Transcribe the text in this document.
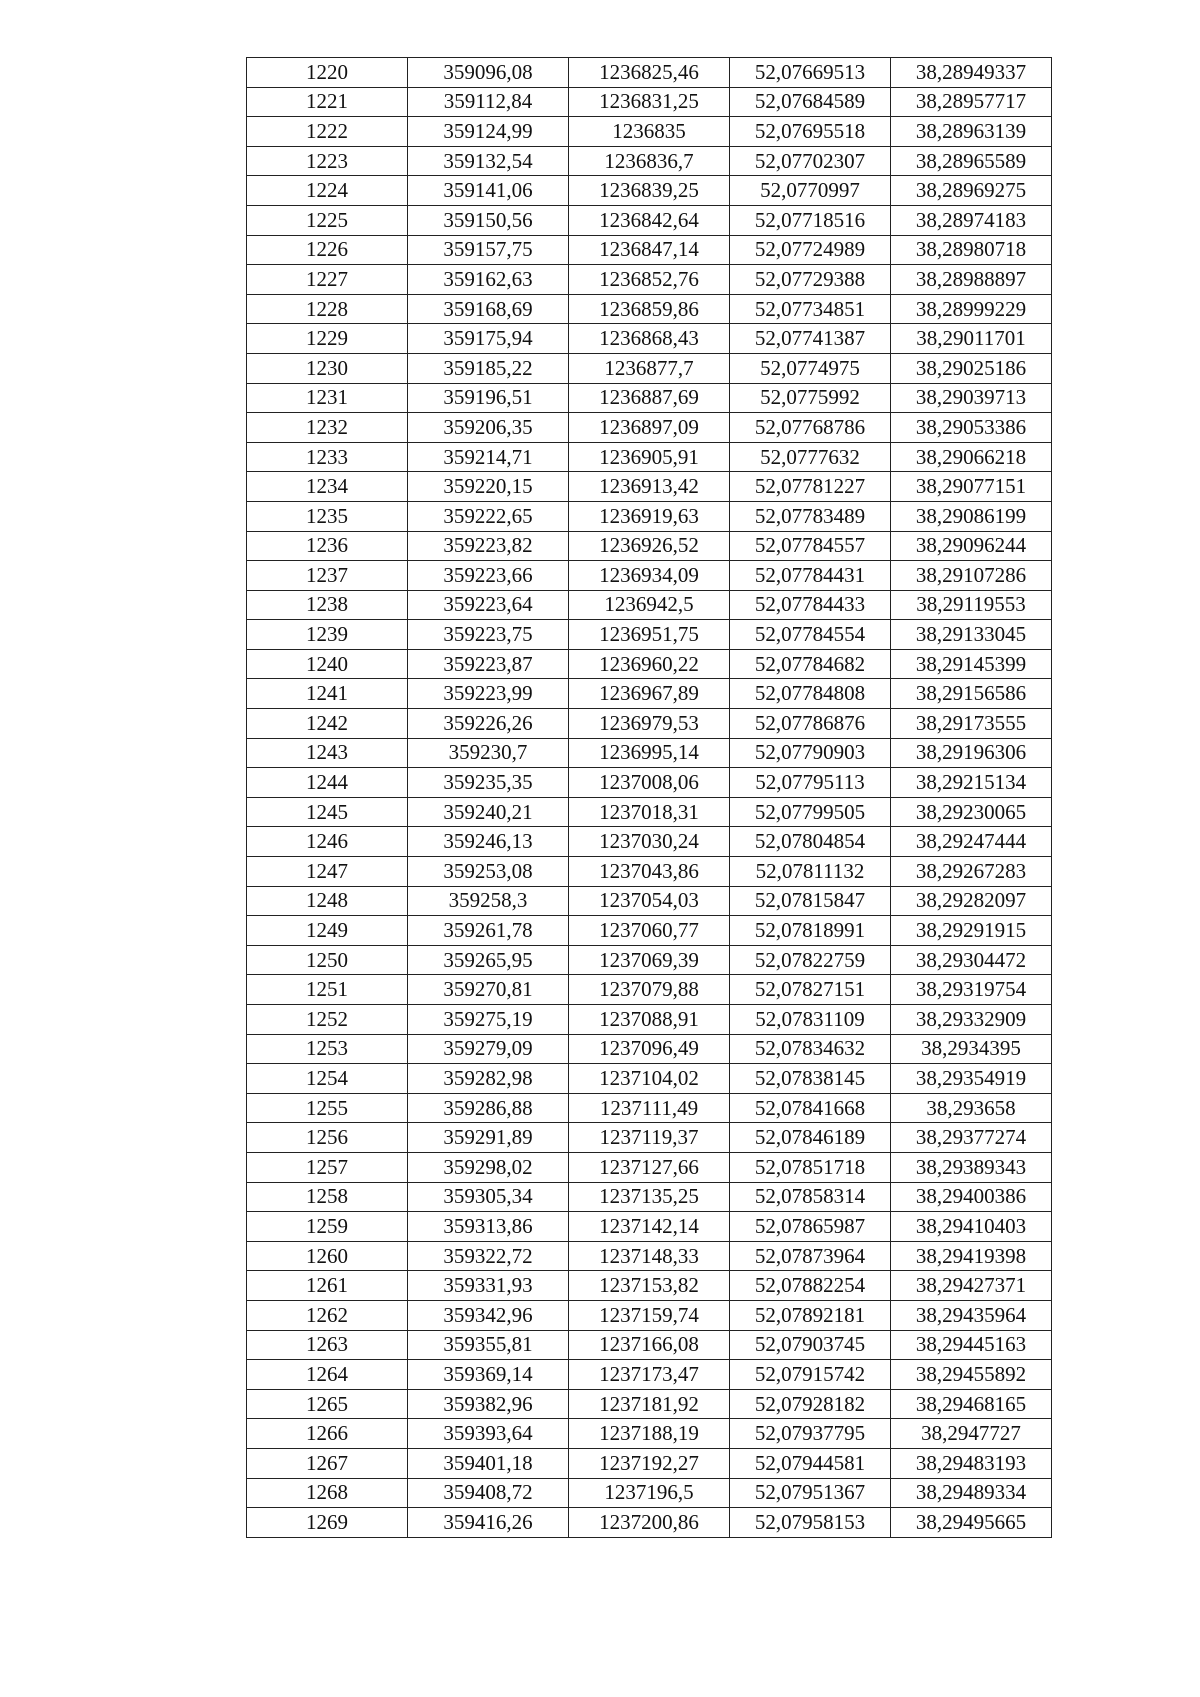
1220	359096,08	1236825,46	52,07669513	38,28949337
1221	359112,84	1236831,25	52,07684589	38,28957717
1222	359124,99	1236835	52,07695518	38,28963139
1223	359132,54	1236836,7	52,07702307	38,28965589
1224	359141,06	1236839,25	52,0770997	38,28969275
1225	359150,56	1236842,64	52,07718516	38,28974183
1226	359157,75	1236847,14	52,07724989	38,28980718
1227	359162,63	1236852,76	52,07729388	38,28988897
1228	359168,69	1236859,86	52,07734851	38,28999229
1229	359175,94	1236868,43	52,07741387	38,29011701
1230	359185,22	1236877,7	52,0774975	38,29025186
1231	359196,51	1236887,69	52,0775992	38,29039713
1232	359206,35	1236897,09	52,07768786	38,29053386
1233	359214,71	1236905,91	52,0777632	38,29066218
1234	359220,15	1236913,42	52,07781227	38,29077151
1235	359222,65	1236919,63	52,07783489	38,29086199
1236	359223,82	1236926,52	52,07784557	38,29096244
1237	359223,66	1236934,09	52,07784431	38,29107286
1238	359223,64	1236942,5	52,07784433	38,29119553
1239	359223,75	1236951,75	52,07784554	38,29133045
1240	359223,87	1236960,22	52,07784682	38,29145399
1241	359223,99	1236967,89	52,07784808	38,29156586
1242	359226,26	1236979,53	52,07786876	38,29173555
1243	359230,7	1236995,14	52,07790903	38,29196306
1244	359235,35	1237008,06	52,07795113	38,29215134
1245	359240,21	1237018,31	52,07799505	38,29230065
1246	359246,13	1237030,24	52,07804854	38,29247444
1247	359253,08	1237043,86	52,07811132	38,29267283
1248	359258,3	1237054,03	52,07815847	38,29282097
1249	359261,78	1237060,77	52,07818991	38,29291915
1250	359265,95	1237069,39	52,07822759	38,29304472
1251	359270,81	1237079,88	52,07827151	38,29319754
1252	359275,19	1237088,91	52,07831109	38,29332909
1253	359279,09	1237096,49	52,07834632	38,2934395
1254	359282,98	1237104,02	52,07838145	38,29354919
1255	359286,88	1237111,49	52,07841668	38,293658
1256	359291,89	1237119,37	52,07846189	38,29377274
1257	359298,02	1237127,66	52,07851718	38,29389343
1258	359305,34	1237135,25	52,07858314	38,29400386
1259	359313,86	1237142,14	52,07865987	38,29410403
1260	359322,72	1237148,33	52,07873964	38,29419398
1261	359331,93	1237153,82	52,07882254	38,29427371
1262	359342,96	1237159,74	52,07892181	38,29435964
1263	359355,81	1237166,08	52,07903745	38,29445163
1264	359369,14	1237173,47	52,07915742	38,29455892
1265	359382,96	1237181,92	52,07928182	38,29468165
1266	359393,64	1237188,19	52,07937795	38,2947727
1267	359401,18	1237192,27	52,07944581	38,29483193
1268	359408,72	1237196,5	52,07951367	38,29489334
1269	359416,26	1237200,86	52,07958153	38,29495665
